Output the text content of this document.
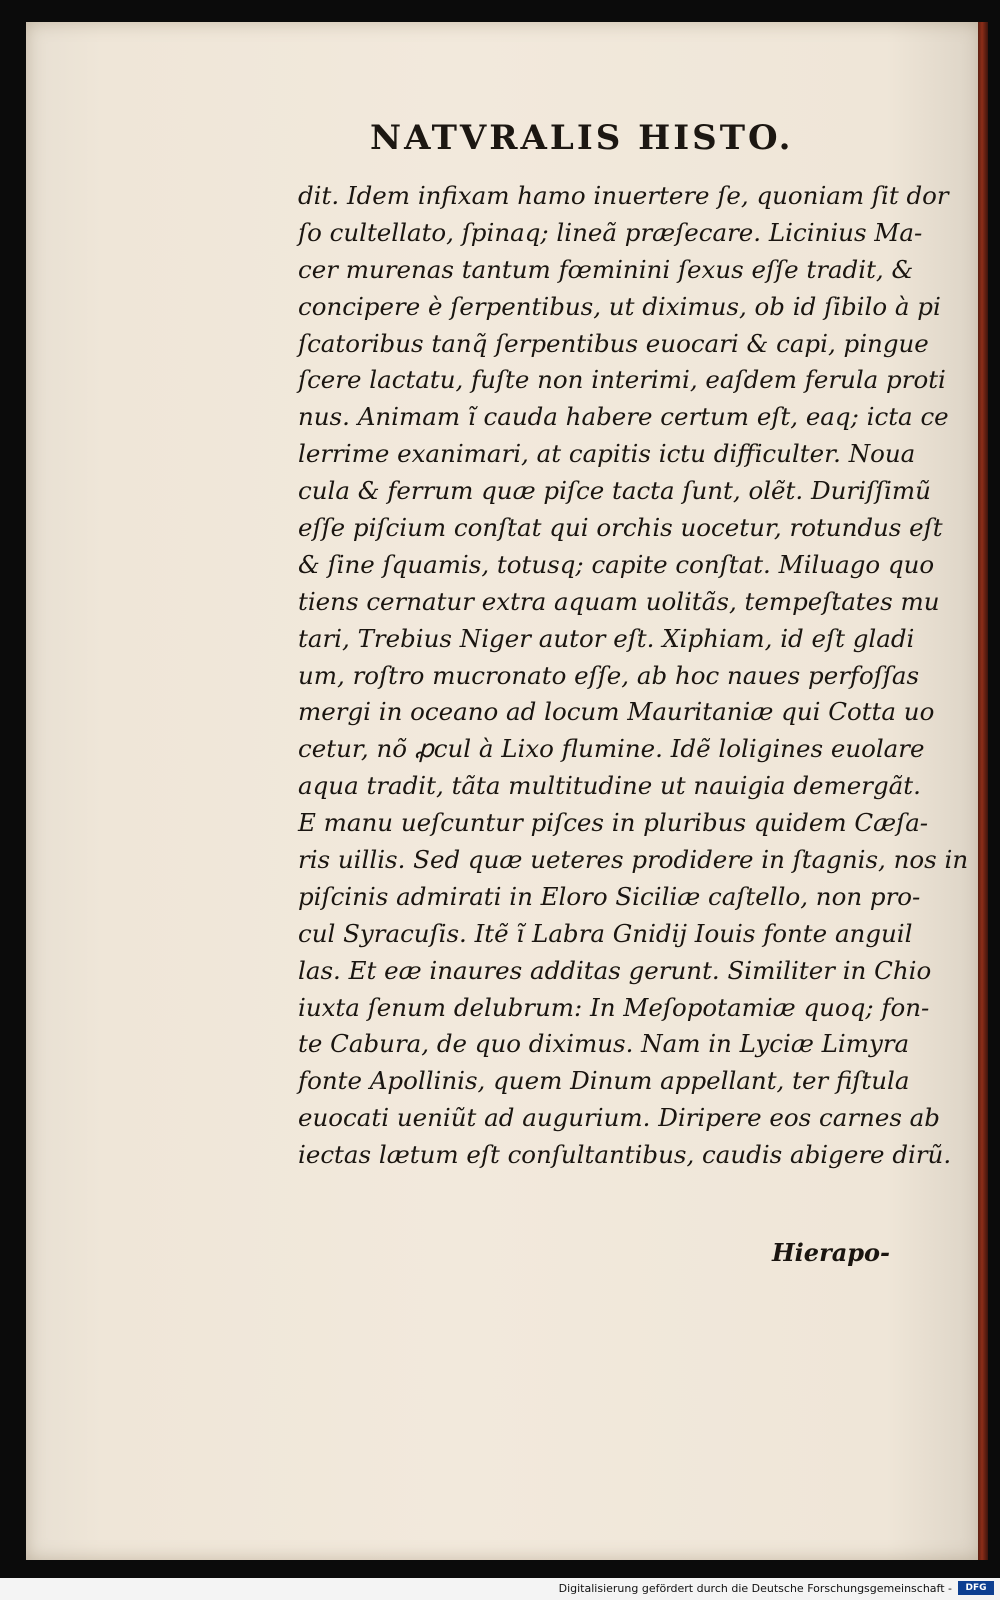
NATVRALIS HISTO.
dit. Idem infixam hamo inuertere ſe, quoniam ſit dor
ſo cultellato, ſpinaq; lineã præſecare. Licinius Ma-
cer murenas tantum fœminini ſexus eſſe tradit, &
concipere è ſerpentibus, ut diximus, ob id ſibilo à pi
ſcatoribus tanq̃ ſerpentibus euocari & capi, pingue
ſcere lactatu, fuſte non interimi, eaſdem ferula proti
nus. Animam ĩ cauda habere certum eſt, eaq; icta ce
lerrime exanimari, at capitis ictu difficulter. Noua
cula & ferrum quæ piſce tacta ſunt, olẽt. Duriſſimũ
eſſe piſcium conſtat qui orchis uocetur, rotundus eſt
& ſine ſquamis, totusq; capite conſtat. Miluago quo
tiens cernatur extra aquam uolitãs, tempeſtates mu
tari, Trebius Niger autor eſt. Xiphiam, id eſt gladi
um, roſtro mucronato eſſe, ab hoc naues perfoſſas
mergi in oceano ad locum Mauritaniæ qui Cotta uo
cetur, nõ ꝓcul à Lixo flumine. Idẽ loligines euolare
aqua tradit, tãta multitudine ut nauigia demergãt.
E manu ueſcuntur piſces in pluribus quidem Cæſa-
ris uillis. Sed quæ ueteres prodidere in ſtagnis, nos in
piſcinis admirati in Eloro Siciliæ caſtello, non pro-
cul Syracuſis. Itẽ ĩ Labra Gnidij Iouis fonte anguil
las. Et eæ inaures additas gerunt. Similiter in Chio
iuxta ſenum delubrum: In Meſopotamiæ quoq; fon-
te Cabura, de quo diximus. Nam in Lyciæ Limyra
fonte Apollinis, quem Dinum appellant, ter fiſtula
euocati ueniũt ad augurium. Diripere eos carnes ab
iectas lætum eſt conſultantibus, caudis abigere dirũ.
Hierapo-
Digitalisierung gefördert durch die Deutsche Forschungsgemeinschaft -	DFG
